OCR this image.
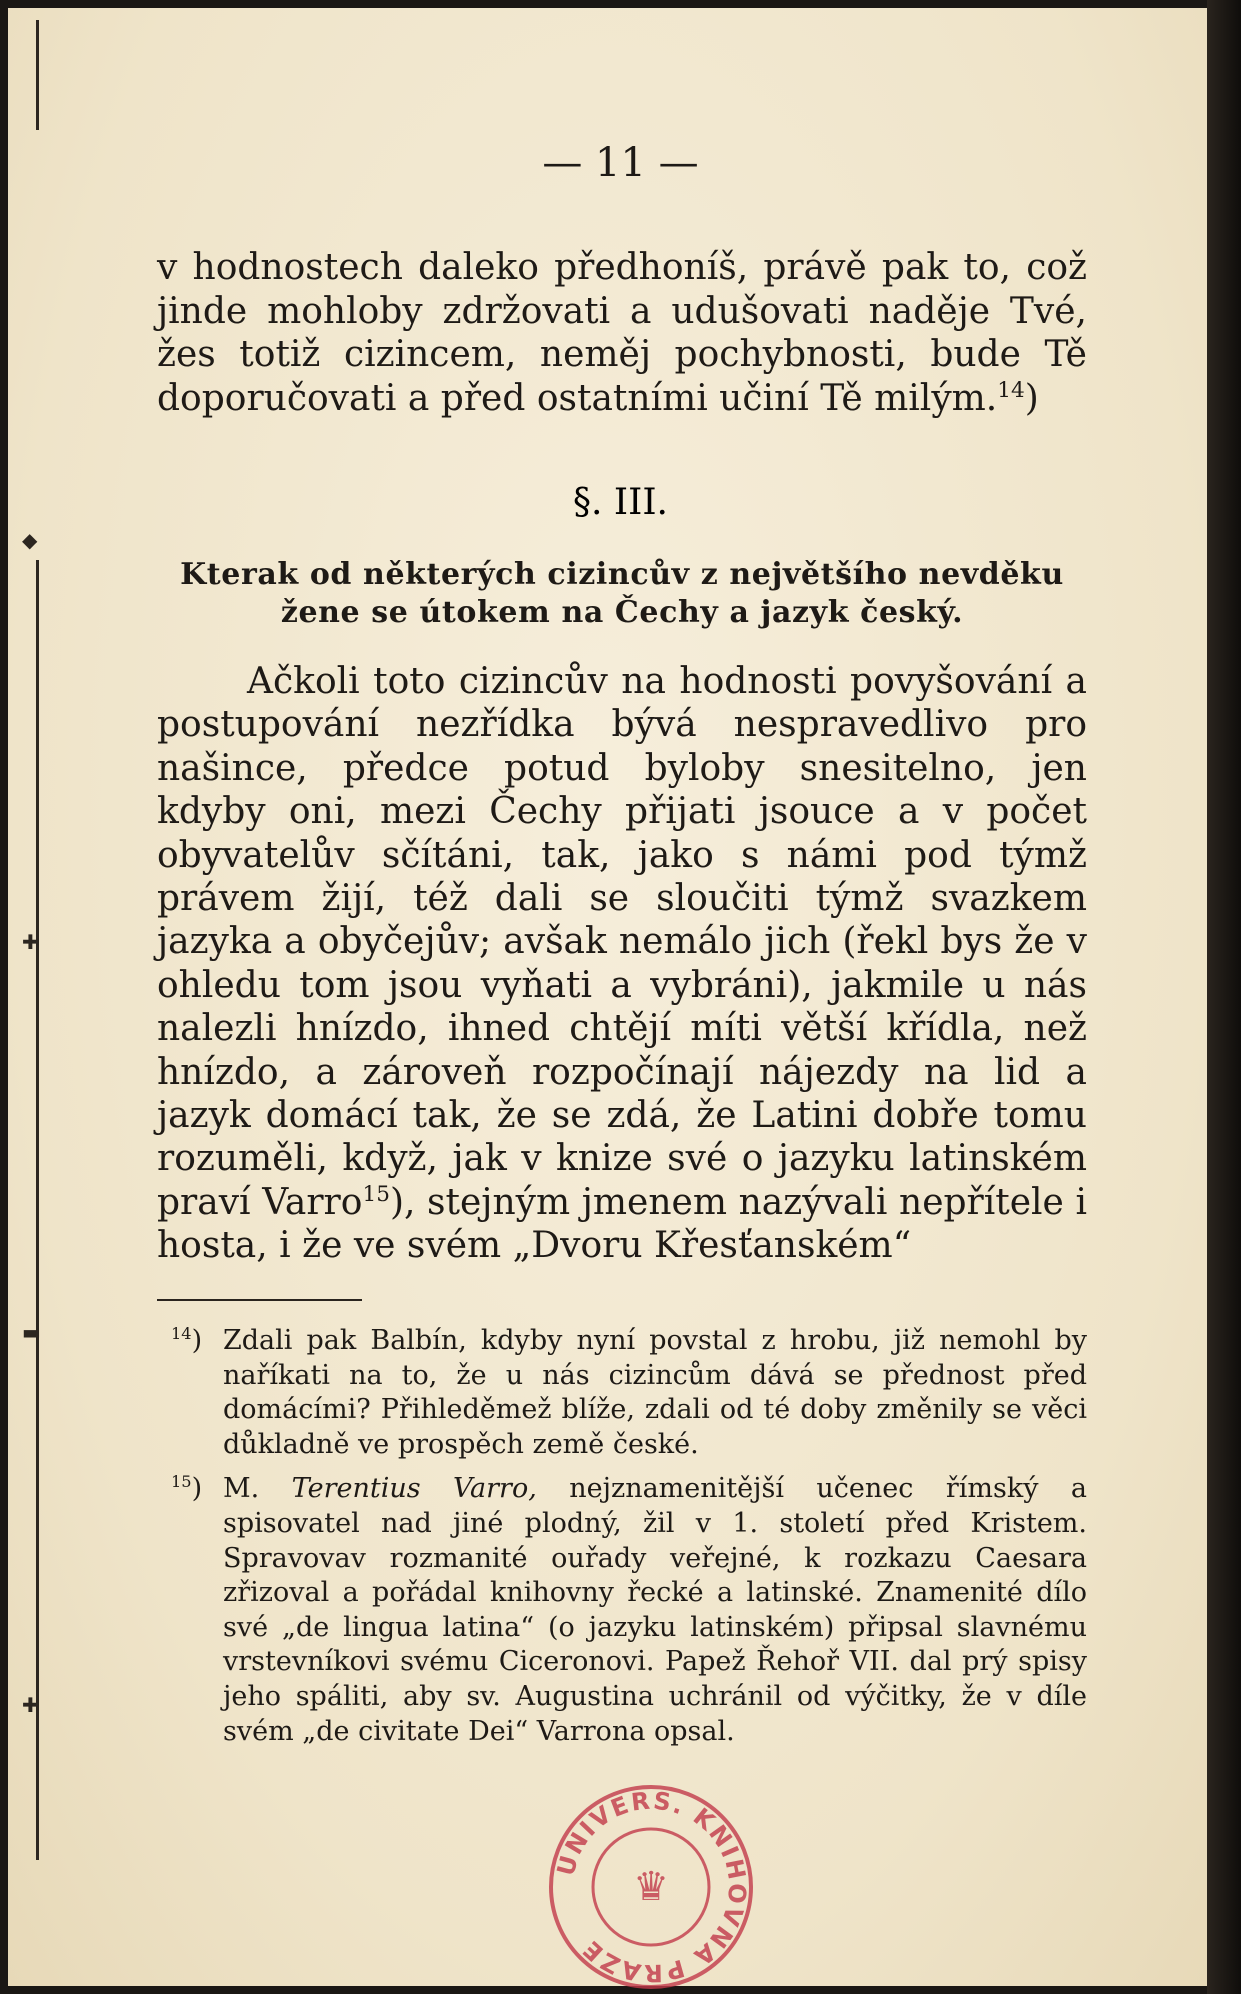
◆
✚
▬
✚
— 11 —

v hodnostech daleko předhoníš, právě pak to, což jinde mohloby zdržovati a udušovati naděje Tvé, žes totiž cizincem, neměj pochybnosti, bude Tě doporučovati a před ostatními učiní Tě milým.$^{14}$)

§. III.
Kterak od některých cizincův z největšího nevděku
žene se útokem na Čechy a jazyk český.
Ačkoli toto cizincův na hodnosti povyšování a postupování nezřídka bývá nespravedlivo pro našince, předce potud byloby snesitelno, jen kdyby oni, mezi Čechy přijati jsouce a v počet obyvatelův sčítáni, tak, jako s námi pod týmž právem žijí, též dali se sloučiti týmž svazkem jazyka a obyčejův; avšak nemálo jich (řekl bys že v ohledu tom jsou vyňati a vybráni), jakmile u nás nalezli hnízdo, ihned chtějí míti větší křídla, než hnízdo, a zároveň rozpočínají nájezdy na lid a jazyk domácí tak, že se zdá, že Latini dobře tomu rozuměli, když, jak v knize své o jazyku latinském praví Varro$^{15}$), stejným jmenem nazývali nepřítele i hosta, i že ve svém „Dvoru Křesťanském“
$^{14}$) Zdali pak Balbín, kdyby nyní povstal z hrobu, již nemohl by naříkati na to, že u nás cizincům dává se přednost před domácími? Přihleděmež blíže, zdali od té doby změnily se věci důkladně ve prospěch země české.
$^{15}$) M. Terentius Varro, nejznamenitější učenec římský a spisovatel nad jiné plodný, žil v 1. století před Kristem. Spravovav rozmanité ouřady veřejné, k rozkazu Caesara zřizoval a pořádal knihovny řecké a latinské. Znamenité dílo své „de lingua latina“ (o jazyku latinském) připsal slavnému vrstevníkovi svému Ciceronovi. Papež Řehoř VII. dal prý spisy jeho spáliti, aby sv. Augustina uchránil od výčitky, že v díle svém „de civitate Dei“ Varrona opsal.
UNIVERS. KNIHOVNA PRAZE
♛
